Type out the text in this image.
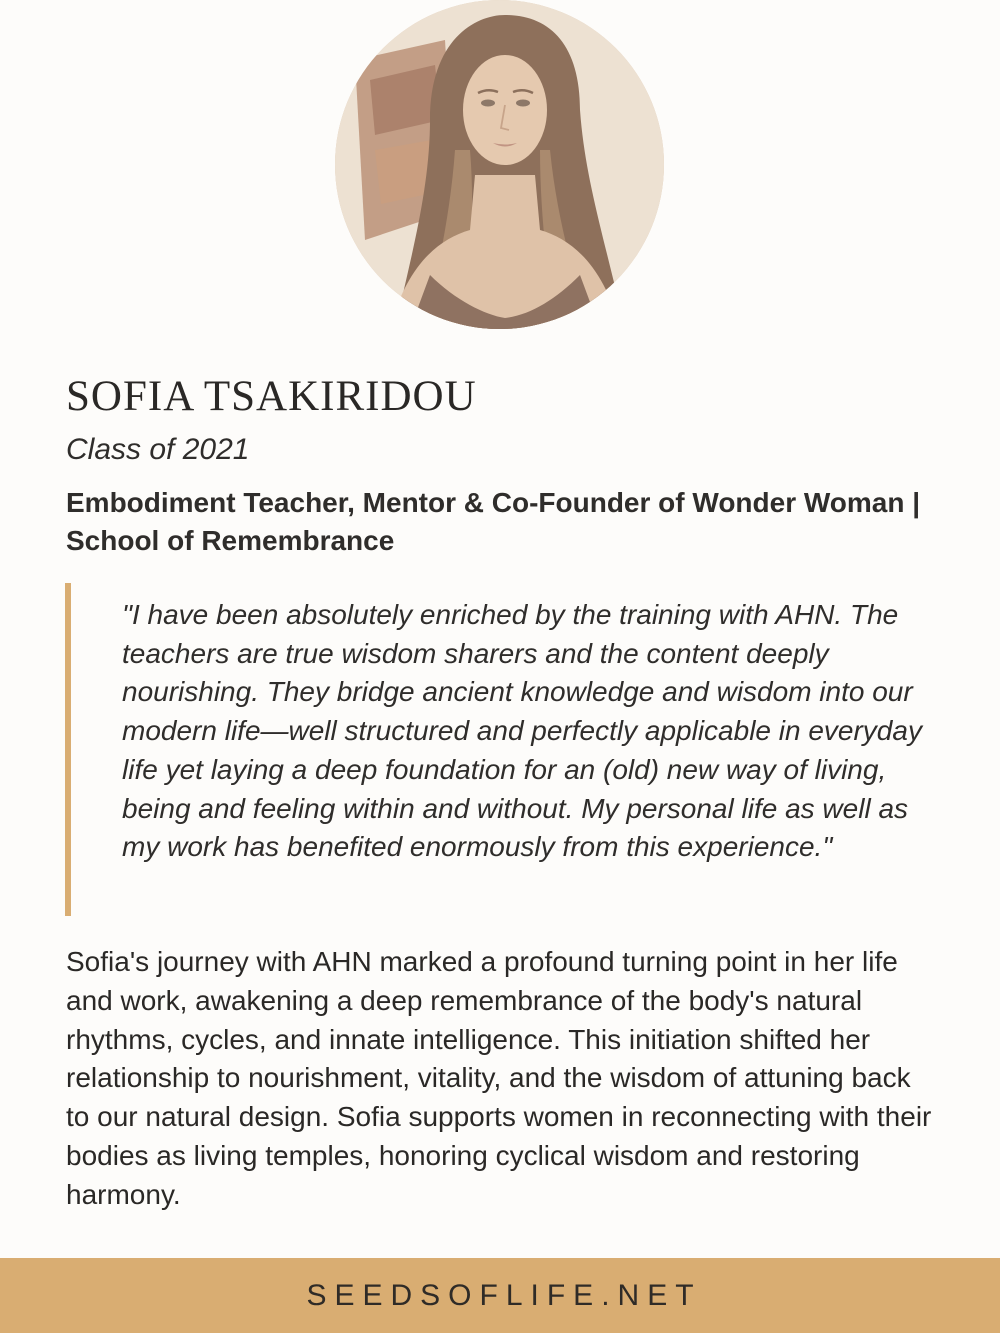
SOFIA TSAKIRIDOU

Class of 2021

Embodiment Teacher, Mentor & Co-Founder of Wonder Woman | School of Remembrance

"I have been absolutely enriched by the training with AHN. The teachers are true wisdom sharers and the content deeply nourishing. They bridge ancient knowledge and wisdom into our modern life—well structured and perfectly applicable in everyday life yet laying a deep foundation for an (old) new way of living, being and feeling within and without. My personal life as well as my work has benefited enormously from this experience."

Sofia's journey with AHN marked a profound turning point in her life and work, awakening a deep remembrance of the body's natural rhythms, cycles, and innate intelligence. This initiation shifted her relationship to nourishment, vitality, and the wisdom of attuning back to our natural design. Sofia supports women in reconnecting with their bodies as living temples, honoring cyclical wisdom and restoring harmony.

SEEDSOFLIFE.NET
